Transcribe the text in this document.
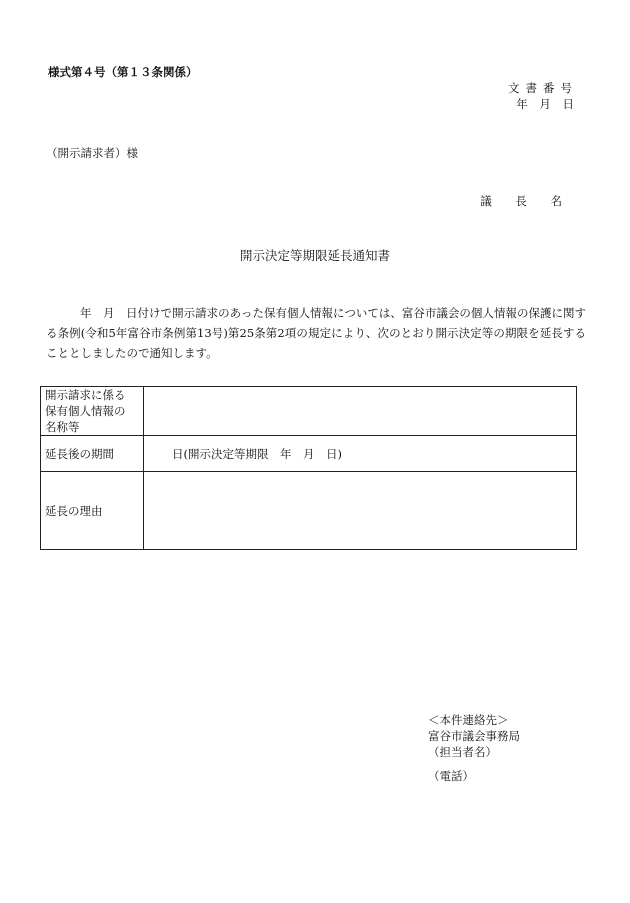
様式第４号（第１３条関係）
文書番号
年 月 日
（開示請求者）様
議 長 名
開示決定等期限延長通知書
年　月　日付けで開示請求のあった保有個人情報については、富谷市議会の個人情報の保護に関する条例(令和5年富谷市条例第13号)第25条第2項の規定により、次のとおり開示決定等の期限を延長することとしましたので通知します。
開示請求に係る
保有個人情報の
名称等	

延長後の期間	日(開示決定等期限　年　月　日)
延長の理由	
＜本件連絡先＞
富谷市議会事務局
（担当者名）
（電話）
